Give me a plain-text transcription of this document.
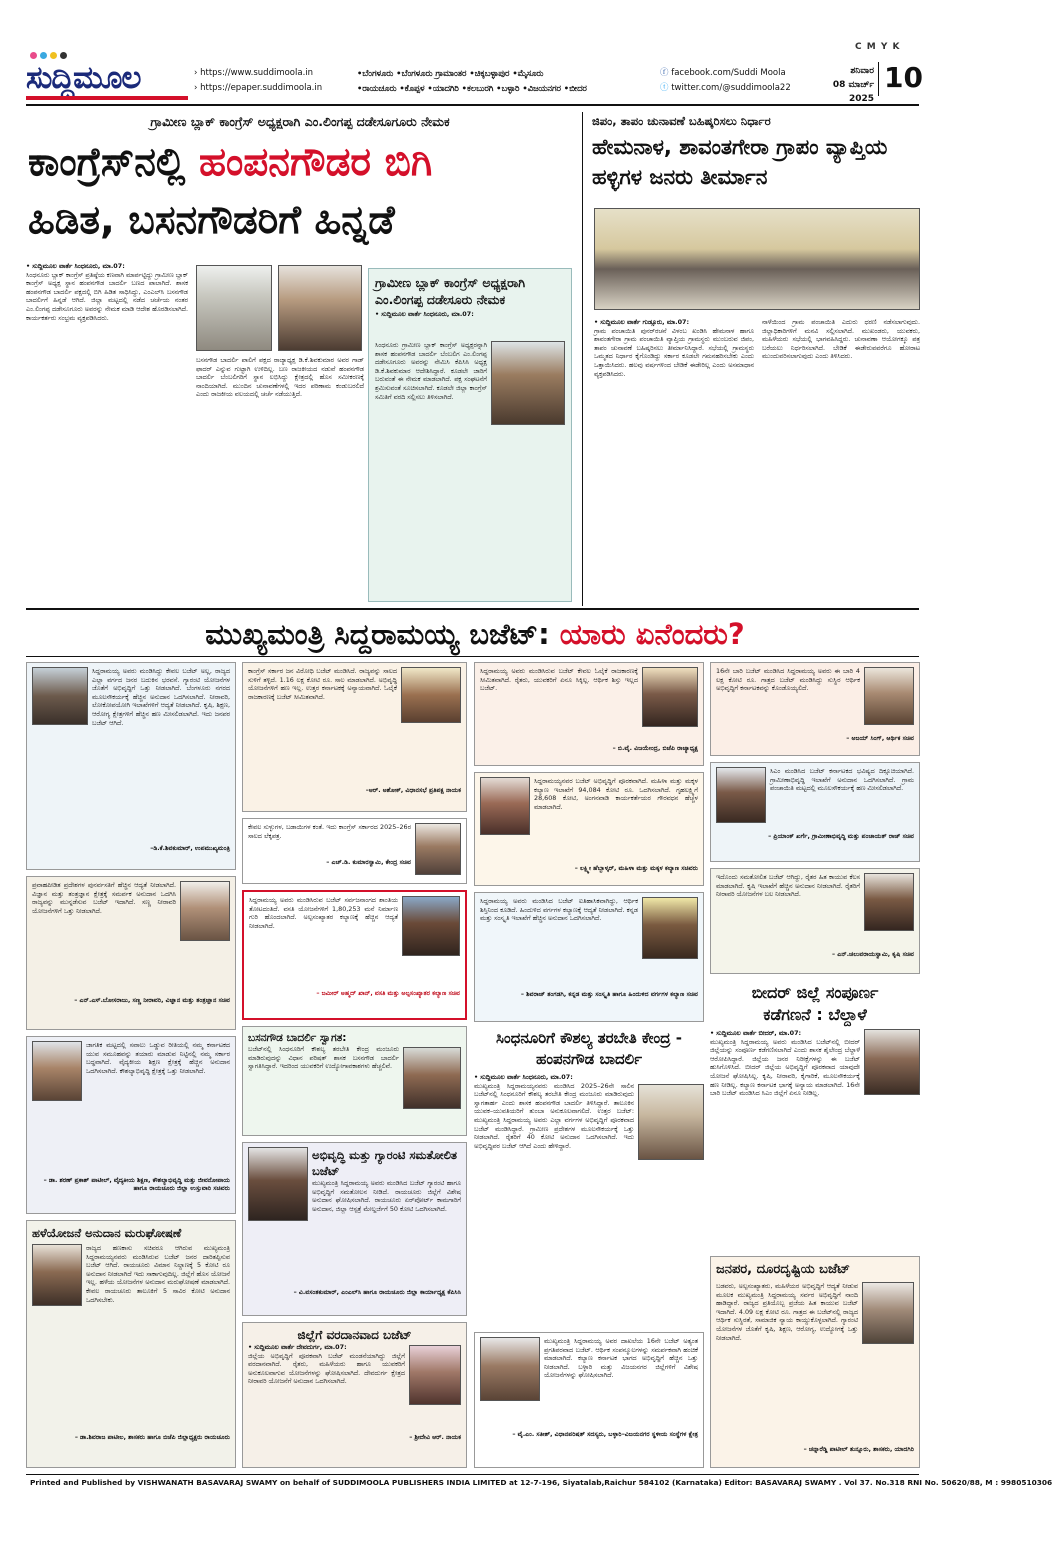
C M Y K
ಸುದ್ದಿಮೂಲ	› https://www.suddimoola.in
› https://epaper.suddimoola.in
•ಬೆಂಗಳೂರು •ಬೆಂಗಳೂರು ಗ್ರಾಮಾಂತರ •ಚಿಕ್ಕಬಳ್ಳಾಪುರ •ಮೈಸೂರು
•ರಾಯಚೂರು •ಕೊಪ್ಪಳ •ಯಾದಗಿರಿ •ಕಲಬುರಗಿ •ಬಳ್ಳಾರಿ •ವಿಜಯನಗರ •ಬೀದರ
ⓕ facebook.com/Suddi Moola
ⓣ twitter.com/@suddimoola22
ಶನಿವಾರ
08 ಮಾರ್ಚ್ 2025
10
ಗ್ರಾಮೀಣ ಬ್ಲಾಕ್ ಕಾಂಗ್ರೆಸ್ ಅಧ್ಯಕ್ಷರಾಗಿ ಎಂ.ಲಿಂಗಪ್ಪ ದಡೇಸೂಗೂರು ನೇಮಕ
ಕಾಂಗ್ರೆಸ್‌ನಲ್ಲಿ ಹಂಪನಗೌಡರ ಬಿಗಿ
ಹಿಡಿತ, ಬಸನಗೌಡರಿಗೆ ಹಿನ್ನಡೆ
• ಸುದ್ದಿಮೂಲ ವಾರ್ತೆ ಸಿಂಧನೂರು, ಮಾ.07:
ಸಿಂಧನೂರು ಬ್ಲಾಕ್ ಕಾಂಗ್ರೆಸ್ ಪ್ರತಿಷ್ಠೆಯ ಕಣವಾಗಿ ಮಾರ್ಪಟ್ಟಿದ್ದು ಗ್ರಾಮೀಣ ಬ್ಲಾಕ್ ಕಾಂಗ್ರೆಸ್ ಅಧ್ಯಕ್ಷ ಸ್ಥಾನ ಹಂಪನಗೌಡ ಬಾದರ್ಲಿ ಬಣದ ಪಾಲಾಗಿದೆ. ಶಾಸಕ ಹಂಪನಗೌಡ ಬಾದರ್ಲಿ ಪಕ್ಷದಲ್ಲಿ ಬಿಗಿ ಹಿಡಿತ ಸಾಧಿಸಿದ್ದು, ಎಂಎಲ್‌ಸಿ ಬಸನಗೌಡ ಬಾದರ್ಲಿಗೆ ಹಿನ್ನಡೆ ಆಗಿದೆ. ಜಿಲ್ಲಾ ಮಟ್ಟದಲ್ಲಿ ನಡೆದ ಚರ್ಚೆಯ ನಂತರ ಎಂ.ಲಿಂಗಪ್ಪ ದಡೇಸೂಗೂರು ಅವರನ್ನು ನೇಮಕ ಮಾಡಿ ಆದೇಶ ಹೊರಡಿಸಲಾಗಿದೆ. ಕಾರ್ಯಕರ್ತರು ಸಂಭ್ರಮ ವ್ಯಕ್ತಪಡಿಸಿದರು.
ಬಸನಗೌಡ ಬಾದರ್ಲಿ ಪಾಲಿಗೆ ಪಕ್ಷದ ರಾಜ್ಯಾಧ್ಯಕ್ಷ ಡಿ.ಕೆ.ಶಿವಕುಮಾರ ಅವರ ಗಾಡ್ ಫಾದರ್ ಎನ್ನುವ ಗುಟ್ಟಾಗಿ ಉಳಿದಿಲ್ಲ. ಬಣ ರಾಜಕೀಯದ ನಡುವೆ ಹಂಪನಗೌಡ ಬಾದರ್ಲಿ ಬೆಂಬಲಿಗರಿಗೆ ಸ್ಥಾನ ಲಭಿಸಿದ್ದು ಕ್ಷೇತ್ರದಲ್ಲಿ ಹೊಸ ಸಮೀಕರಣಕ್ಕೆ ನಾಂದಿಯಾಗಿದೆ. ಮುಂದಿನ ಚುನಾವಣೆಗಳಲ್ಲಿ ಇದರ ಪರಿಣಾಮ ಕಂಡುಬರಲಿದೆ ಎಂದು ರಾಜಕೀಯ ವಲಯದಲ್ಲಿ ಚರ್ಚೆ ನಡೆಯುತ್ತಿದೆ.
ಗ್ರಾಮೀಣ ಬ್ಲಾಕ್ ಕಾಂಗ್ರೆಸ್ ಅಧ್ಯಕ್ಷರಾಗಿ ಎಂ.ಲಿಂಗಪ್ಪ ದಡೇಸೂರು ನೇಮಕ
• ಸುದ್ದಿಮೂಲ ವಾರ್ತೆ ಸಿಂಧನೂರು, ಮಾ.07:
ಸಿಂಧನೂರು ಗ್ರಾಮೀಣ ಬ್ಲಾಕ್ ಕಾಂಗ್ರೆಸ್ ಅಧ್ಯಕ್ಷರನ್ನಾಗಿ ಶಾಸಕ ಹಂಪನಗೌಡ ಬಾದರ್ಲಿ ಬೆಂಬಲಿಗ ಎಂ.ಲಿಂಗಪ್ಪ ದಡೇಸೂಗೂರು ಅವರನ್ನು ನೇಮಿಸಿ ಕೆಪಿಸಿಸಿ ಅಧ್ಯಕ್ಷ ಡಿ.ಕೆ.ಶಿವಕುಮಾರ ಆದೇಶಿಸಿದ್ದಾರೆ. ಕೂಡಲೇ ಜಾರಿಗೆ ಬರುವಂತೆ ಈ ನೇಮಕ ಮಾಡಲಾಗಿದೆ. ಪಕ್ಷ ಸಂಘಟನೆಗೆ ಶ್ರಮಿಸುವಂತೆ ಸೂಚಿಸಲಾಗಿದೆ. ಕೂಡಲೇ ಜಿಲ್ಲಾ ಕಾಂಗ್ರೆಸ್ ಸಮಿತಿಗೆ ವರದಿ ಸಲ್ಲಿಸಲು ತಿಳಿಸಲಾಗಿದೆ.
ಜಿಪಂ, ತಾಪಂ ಚುನಾವಣೆ ಬಹಿಷ್ಕರಿಸಲು ನಿರ್ಧಾರ
ಹೇಮನಾಳ, ಶಾವಂತಗೇರಾ ಗ್ರಾಪಂ ವ್ಯಾಪ್ತಿಯ ಹಳ್ಳಿಗಳ ಜನರು ತೀರ್ಮಾನ
• ಸುದ್ದಿಮೂಲ ವಾರ್ತೆ ಗುಡ್ಸೂರು, ಮಾ.07:
ಗ್ರಾಮ ಪಂಚಾಯಿತಿ ಪುನರ್‌ರಚನೆ ವಿಳಂಬ ಖಂಡಿಸಿ ಹೇಮನಾಳ ಹಾಗೂ ಶಾವಂತಗೇರಾ ಗ್ರಾಮ ಪಂಚಾಯಿತಿ ವ್ಯಾಪ್ತಿಯ ಗ್ರಾಮಸ್ಥರು ಮುಂಬರುವ ಜಿಪಂ, ತಾಪಂ ಚುನಾವಣೆ ಬಹಿಷ್ಕರಿಸಲು ತೀರ್ಮಾನಿಸಿದ್ದಾರೆ. ಸಭೆಯಲ್ಲಿ ಗ್ರಾಮಸ್ಥರು ಒಮ್ಮತದ ನಿರ್ಧಾರ ಕೈಗೊಂಡಿದ್ದು ಸರ್ಕಾರ ಕೂಡಲೇ ಗಮನಹರಿಸಬೇಕು ಎಂದು ಒತ್ತಾಯಿಸಿದರು. ಹಲವು ವರ್ಷಗಳಿಂದ ಬೇಡಿಕೆ ಈಡೇರಿಲ್ಲ ಎಂದು ಅಸಮಾಧಾನ ವ್ಯಕ್ತಪಡಿಸಿದರು.
ನಾಳೆಯಿಂದ ಗ್ರಾಮ ಪಂಚಾಯಿತಿ ಎದುರು ಧರಣಿ ನಡೆಸಲಾಗುವುದು. ಜಿಲ್ಲಾಧಿಕಾರಿಗಳಿಗೆ ಮನವಿ ಸಲ್ಲಿಸಲಾಗಿದೆ. ಮುಖಂಡರು, ಯುವಕರು, ಮಹಿಳೆಯರು ಸಭೆಯಲ್ಲಿ ಭಾಗವಹಿಸಿದ್ದರು. ಚುನಾವಣಾ ಆಯೋಗಕ್ಕೂ ಪತ್ರ ಬರೆಯಲು ನಿರ್ಧರಿಸಲಾಗಿದೆ. ಬೇಡಿಕೆ ಈಡೇರುವವರೆಗೂ ಹೋರಾಟ ಮುಂದುವರಿಸಲಾಗುವುದು ಎಂದು ತಿಳಿಸಿದರು.
ಮುಖ್ಯಮಂತ್ರಿ ಸಿದ್ದರಾಮಯ್ಯ ಬಜೆಟ್: ಯಾರು ಏನೆಂದರು?
ಸಿದ್ದರಾಮಯ್ಯ ಅವರು ಮಂಡಿಸಿದ್ದು ಕೇವಲ ಬಜೆಟ್ ಅಲ್ಲ, ರಾಜ್ಯದ ಎಲ್ಲಾ ವರ್ಗದ ಜನರ ಬದುಕಿನ ಭರವಸೆ. ಗ್ಯಾರಂಟಿ ಯೋಜನೆಗಳ ಜೊತೆಗೆ ಅಭಿವೃದ್ಧಿಗೆ ಒತ್ತು ನೀಡಲಾಗಿದೆ. ಬೆಂಗಳೂರು ನಗರದ ಮೂಲಸೌಕರ್ಯಕ್ಕೆ ಹೆಚ್ಚಿನ ಅನುದಾನ ಒದಗಿಸಲಾಗಿದೆ. ನೀರಾವರಿ, ಲೋಕೋಪಯೋಗಿ ಇಲಾಖೆಗಳಿಗೆ ಆದ್ಯತೆ ನೀಡಲಾಗಿದೆ. ಕೃಷಿ, ಶಿಕ್ಷಣ, ಆರೋಗ್ಯ ಕ್ಷೇತ್ರಗಳಿಗೆ ಹೆಚ್ಚಿನ ಹಣ ಮೀಸಲಿಡಲಾಗಿದೆ. ಇದು ಜನಪರ ಬಜೆಟ್ ಆಗಿದೆ.
–ಡಿ.ಕೆ.ಶಿವಕುಮಾರ್, ಉಪಮುಖ್ಯಮಂತ್ರಿ
ಪ್ರವಾಹಪೀಡಿತ ಪ್ರದೇಶಗಳ ಪುನರ್ವಸತಿಗೆ ಹೆಚ್ಚಿನ ಆದ್ಯತೆ ನೀಡಲಾಗಿದೆ. ವಿಜ್ಞಾನ ಮತ್ತು ತಂತ್ರಜ್ಞಾನ ಕ್ಷೇತ್ರಕ್ಕೆ ಸಮರ್ಪಕ ಅನುದಾನ ಒದಗಿಸಿ ರಾಜ್ಯವನ್ನು ಮುನ್ನಡೆಸುವ ಬಜೆಟ್ ಇದಾಗಿದೆ. ಸಣ್ಣ ನೀರಾವರಿ ಯೋಜನೆಗಳಿಗೆ ಒತ್ತು ನೀಡಲಾಗಿದೆ.
– ಎನ್.ಎಸ್.ಬೋಸರಾಜು, ಸಣ್ಣ ನೀರಾವರಿ, ವಿಜ್ಞಾನ ಮತ್ತು ತಂತ್ರಜ್ಞಾನ ಸಚಿವ
ಜಾಗತಿಕ ಮಟ್ಟದಲ್ಲಿ ಸವಾಲು ಒಡ್ಡುವ ರೀತಿಯಲ್ಲಿ ನಮ್ಮ ಕರ್ನಾಟಕದ ಯುವ ಸಮೂಹವನ್ನು ತಯಾರು ಮಾಡುವ ನಿಟ್ಟಿನಲ್ಲಿ ನಮ್ಮ ಸರ್ಕಾರ ಬದ್ಧವಾಗಿದೆ. ವೈದ್ಯಕೀಯ ಶಿಕ್ಷಣ ಕ್ಷೇತ್ರಕ್ಕೆ ಹೆಚ್ಚಿನ ಅನುದಾನ ಒದಗಿಸಲಾಗಿದೆ. ಕೌಶಲ್ಯಾಭಿವೃದ್ಧಿ ಕ್ಷೇತ್ರಕ್ಕೆ ಒತ್ತು ನೀಡಲಾಗಿದೆ.
– ಡಾ. ಶರಣ್ ಪ್ರಕಾಶ್ ಪಾಟೀಲ್, ವೈದ್ಯಕೀಯ ಶಿಕ್ಷಣ, ಕೌಶಲ್ಯಾಭಿವೃದ್ಧಿ ಮತ್ತು ಜೀವನೋಪಾಯ ಹಾಗೂ ರಾಯಚೂರು ಜಿಲ್ಲಾ ಉಸ್ತುವಾರಿ ಸಚಿವರು
ಹಳೆಯೋಜನೆ ಅನುದಾನ ಮರುಘೋಷಣೆ
ರಾಜ್ಯದ ಹಣಕಾಸು ಸಚಿವರೂ ಆಗಿರುವ ಮುಖ್ಯಮಂತ್ರಿ ಸಿದ್ದರಾಮಯ್ಯನವರು ಮಂಡಿಸಿರುವ ಬಜೆಟ್ ಜನರ ದಾರಿತಪ್ಪಿಸುವ ಬಜೆಟ್ ಆಗಿದೆ. ರಾಯಚೂರು ವಿಮಾನ ನಿಲ್ದಾಣಕ್ಕೆ 5 ಕೋಟಿ ರೂ ಅನುದಾನ ನೀಡಲಾಗಿದೆ ಇದು ಸಾಕಾಗುವುದಿಲ್ಲ. ಜಿಲ್ಲೆಗೆ ಹೊಸ ಯೋಜನೆ ಇಲ್ಲ. ಹಳೆಯ ಯೋಜನೆಗಳ ಅನುದಾನ ಮರುಘೋಷಣೆ ಮಾಡಲಾಗಿದೆ. ಕೇವಲ ರಾಯಚೂರು ತಾಲೂಕಿಗೆ 5 ಸಾವಿರ ಕೋಟಿ ಅನುದಾನ ಒದಗಿಸಬೇಕು.
– ಡಾ.ಶಿವರಾಜ ಪಾಟೀಲ, ಶಾಸಕರು ಹಾಗೂ ಬಿಜೆಪಿ ಜಿಲ್ಲಾಧ್ಯಕ್ಷರು ರಾಯಚೂರು
ಕಾಂಗ್ರೆಸ್ ಸರ್ಕಾರ ಜನ ವಿರೋಧಿ ಬಜೆಟ್ ಮಂಡಿಸಿದೆ. ರಾಜ್ಯವನ್ನು ಸಾಲದ ಸುಳಿಗೆ ತಳ್ಳಿದೆ. 1.16 ಲಕ್ಷ ಕೋಟಿ ರೂ. ಸಾಲ ಮಾಡಲಾಗಿದೆ. ಅಭಿವೃದ್ಧಿ ಯೋಜನೆಗಳಿಗೆ ಹಣ ಇಲ್ಲ. ಉತ್ತರ ಕರ್ನಾಟಕಕ್ಕೆ ಅನ್ಯಾಯವಾಗಿದೆ. ಓಲೈಕೆ ರಾಜಕಾರಣಕ್ಕೆ ಬಜೆಟ್ ಸೀಮಿತವಾಗಿದೆ.
–ಆರ್. ಅಶೋಕ್, ವಿಧಾನಸಭೆ ಪ್ರತಿಪಕ್ಷ ನಾಯಕ
ಕೇವಲ ಸುಳ್ಳುಗಳ, ಬಡಾಯಿಗಳ ಕಂತೆ. ಇದು ಕಾಂಗ್ರೆಸ್ ಸರ್ಕಾರದ 2025–26ರ ಸಾಲದ ಲೆಕ್ಕಪತ್ರ.
– ಎಚ್.ಡಿ. ಕುಮಾರಸ್ವಾಮಿ, ಕೇಂದ್ರ ಸಚಿವ
ಸಿದ್ದರಾಮಯ್ಯ ಅವರು ಮಂಡಿಸಿರುವ ಬಜೆಟ್ ಸರ್ವಜನಾಂಗದ ಶಾಂತಿಯ ತೋಟದಂತಿದೆ. ವಸತಿ ಯೋಜನೆಗಳಿಗೆ 1,80,253 ಮನೆ ನಿರ್ಮಾಣ ಗುರಿ ಹೊಂದಲಾಗಿದೆ. ಅಲ್ಪಸಂಖ್ಯಾತರ ಕಲ್ಯಾಣಕ್ಕೆ ಹೆಚ್ಚಿನ ಆದ್ಯತೆ ನೀಡಲಾಗಿದೆ.
– ಜಮೀರ್ ಅಹ್ಮದ್ ಖಾನ್, ವಸತಿ ಮತ್ತು ಅಲ್ಪಸಂಖ್ಯಾತರ ಕಲ್ಯಾಣ ಸಚಿವ
ಬಸನಗೌಡ ಬಾದರ್ಲಿ ಸ್ವಾಗತ:
ಬಜೆಟ್‌ನಲ್ಲಿ ಸಿಂಧನೂರಿಗೆ ಕೌಶಲ್ಯ ತರಬೇತಿ ಕೇಂದ್ರ ಮಂಜೂರು ಮಾಡಿರುವುದನ್ನು ವಿಧಾನ ಪರಿಷತ್ ಶಾಸಕ ಬಸನಗೌಡ ಬಾದರ್ಲಿ ಸ್ವಾಗತಿಸಿದ್ದಾರೆ. ಇದರಿಂದ ಯುವಕರಿಗೆ ಉದ್ಯೋಗಾವಕಾಶಗಳು ಹೆಚ್ಚಲಿವೆ.
ಅಭಿವೃದ್ಧಿ ಮತ್ತು ಗ್ಯಾರಂಟಿ ಸಮತೋಲಿತ ಬಜೆಟ್
ಮುಖ್ಯಮಂತ್ರಿ ಸಿದ್ದರಾಮಯ್ಯ ಅವರು ಮಂಡಿಸಿದ ಬಜೆಟ್ ಗ್ಯಾರಂಟಿ ಹಾಗೂ ಅಭಿವೃದ್ಧಿಗೆ ಸಮತೋಲನ ನೀಡಿದೆ. ರಾಯಚೂರು ಜಿಲ್ಲೆಗೆ ವಿಶೇಷ ಅನುದಾನ ಘೋಷಿಸಲಾಗಿದೆ. ರಾಯಚೂರು ಏರ್‌ಪೋರ್ಟ್ ಕಾಮಗಾರಿಗೆ ಅನುದಾನ, ಜಿಲ್ಲಾ ಆಸ್ಪತ್ರೆ ಮೇಲ್ದರ್ಜೆಗೆ 50 ಕೋಟಿ ಒದಗಿಸಲಾಗಿದೆ.
– ವಿ.ವಸಂತಕುಮಾರ್, ಎಂಎಲ್‌ಸಿ ಹಾಗೂ ರಾಯಚೂರು ಜಿಲ್ಲಾ ಕಾರ್ಯಾಧ್ಯಕ್ಷ ಕೆಪಿಸಿಸಿ
ಜಿಲ್ಲೆಗೆ ವರದಾನವಾದ ಬಜೆಟ್
• ಸುದ್ದಿಮೂಲ ವಾರ್ತೆ ದೇವದುರ್ಗ, ಮಾ.07:
ಜಿಲ್ಲೆಯ ಅಭಿವೃದ್ಧಿಗೆ ಪೂರಕವಾಗಿ ಬಜೆಟ್ ಮಂಡನೆಯಾಗಿದ್ದು ಜಿಲ್ಲೆಗೆ ವರದಾನವಾಗಿದೆ. ರೈತರು, ಮಹಿಳೆಯರು ಹಾಗೂ ಯುವಕರಿಗೆ ಅನುಕೂಲವಾಗುವ ಯೋಜನೆಗಳನ್ನು ಘೋಷಿಸಲಾಗಿದೆ. ದೇವದುರ್ಗ ಕ್ಷೇತ್ರದ ನೀರಾವರಿ ಯೋಜನೆಗೆ ಅನುದಾನ ಒದಗಿಸಲಾಗಿದೆ.
– ಶ್ರೀದೇವಿ ಆರ್. ನಾಯಕ
ಸಿದ್ದರಾಮಯ್ಯ ಅವರು ಮಂಡಿಸಿರುವ ಬಜೆಟ್ ಕೇವಲ ಓಲೈಕೆ ರಾಜಕಾರಣಕ್ಕೆ ಸೀಮಿತವಾಗಿದೆ. ರೈತರು, ಯುವಕರಿಗೆ ಏನೂ ಸಿಕ್ಕಿಲ್ಲ. ಆರ್ಥಿಕ ಶಿಸ್ತು ಇಲ್ಲದ ಬಜೆಟ್.
– ಬಿ.ವೈ. ವಿಜಯೇಂದ್ರ, ಬಿಜೆಪಿ ರಾಜ್ಯಾಧ್ಯಕ್ಷ
ಸಿದ್ದರಾಮಯ್ಯನವರ ಬಜೆಟ್ ಅಭಿವೃದ್ಧಿಗೆ ಪೂರಕವಾಗಿದೆ. ಮಹಿಳಾ ಮತ್ತು ಮಕ್ಕಳ ಕಲ್ಯಾಣ ಇಲಾಖೆಗೆ 94,084 ಕೋಟಿ ರೂ. ಒದಗಿಸಲಾಗಿದೆ. ಗೃಹಲಕ್ಷ್ಮಿಗೆ 28,608 ಕೋಟಿ, ಅಂಗನವಾಡಿ ಕಾರ್ಯಕರ್ತೆಯರ ಗೌರವಧನ ಹೆಚ್ಚಳ ಮಾಡಲಾಗಿದೆ.
– ಲಕ್ಷ್ಮೀ ಹೆಬ್ಬಾಳ್ಕರ್, ಮಹಿಳಾ ಮತ್ತು ಮಕ್ಕಳ ಕಲ್ಯಾಣ ಸಚಿವರು
ಸಿದ್ದರಾಮಯ್ಯ ಅವರು ಮಂಡಿಸಿದ ಬಜೆಟ್ ಐತಿಹಾಸಿಕವಾಗಿದ್ದು, ಆರ್ಥಿಕ ಶಿಸ್ತಿನಿಂದ ಕೂಡಿದೆ. ಹಿಂದುಳಿದ ವರ್ಗಗಳ ಕಲ್ಯಾಣಕ್ಕೆ ಆದ್ಯತೆ ನೀಡಲಾಗಿದೆ. ಕನ್ನಡ ಮತ್ತು ಸಂಸ್ಕೃತಿ ಇಲಾಖೆಗೆ ಹೆಚ್ಚಿನ ಅನುದಾನ ಒದಗಿಸಲಾಗಿದೆ.
– ಶಿವರಾಜ್ ತಂಗಡಗಿ, ಕನ್ನಡ ಮತ್ತು ಸಂಸ್ಕೃತಿ ಹಾಗೂ ಹಿಂದುಳಿದ ವರ್ಗಗಳ ಕಲ್ಯಾಣ ಸಚಿವ
ಸಿಂಧನೂರಿಗೆ ಕೌಶಲ್ಯ ತರಬೇತಿ ಕೇಂದ್ರ - ಹಂಪನಗೌಡ ಬಾದರ್ಲಿ
• ಸುದ್ದಿಮೂಲ ವಾರ್ತೆ ಸಿಂಧನೂರು, ಮಾ.07:
ಮುಖ್ಯಮಂತ್ರಿ ಸಿದ್ದರಾಮಯ್ಯನವರು ಮಂಡಿಸಿದ 2025–26ನೇ ಸಾಲಿನ ಬಜೆಟ್‌ನಲ್ಲಿ ಸಿಂಧನೂರಿಗೆ ಕೌಶಲ್ಯ ತರಬೇತಿ ಕೇಂದ್ರ ಮಂಜೂರು ಮಾಡಿರುವುದು ಸ್ವಾಗತಾರ್ಹ ಎಂದು ಶಾಸಕ ಹಂಪನಗೌಡ ಬಾದರ್ಲಿ ತಿಳಿಸಿದ್ದಾರೆ. ತಾಲೂಕಿನ ಯುವಕ–ಯುವತಿಯರಿಗೆ ತುಂಬಾ ಅನುಕೂಲವಾಗಲಿದೆ. ಉತ್ತರ ಬಜೆಟ್: ಮುಖ್ಯಮಂತ್ರಿ ಸಿದ್ದರಾಮಯ್ಯ ಅವರು ಎಲ್ಲಾ ವರ್ಗಗಳ ಅಭಿವೃದ್ಧಿಗೆ ಪೂರಕವಾದ ಬಜೆಟ್ ಮಂಡಿಸಿದ್ದಾರೆ. ಗ್ರಾಮೀಣ ಪ್ರದೇಶಗಳ ಮೂಲಸೌಕರ್ಯಕ್ಕೆ ಒತ್ತು ನೀಡಲಾಗಿದೆ. ರೈತರಿಗೆ 40 ಕೋಟಿ ಅನುದಾನ ಒದಗಿಸಲಾಗಿದೆ. ಇದು ಅಭಿವೃದ್ಧಿಪರ ಬಜೆಟ್ ಆಗಿದೆ ಎಂದು ಹೇಳಿದ್ದಾರೆ.
ಮುಖ್ಯಮಂತ್ರಿ ಸಿದ್ದರಾಮಯ್ಯ ಅವರ ದಾಖಲೆಯ 16ನೇ ಬಜೆಟ್ ಅತ್ಯಂತ ಪ್ರಗತಿಪರವಾದ ಬಜೆಟ್. ಆರ್ಥಿಕ ಸಂಪನ್ಮೂಲಗಳನ್ನು ಸಮರ್ಪಕವಾಗಿ ಹಂಚಿಕೆ ಮಾಡಲಾಗಿದೆ. ಕಲ್ಯಾಣ ಕರ್ನಾಟಕ ಭಾಗದ ಅಭಿವೃದ್ಧಿಗೆ ಹೆಚ್ಚಿನ ಒತ್ತು ನೀಡಲಾಗಿದೆ. ಬಳ್ಳಾರಿ ಮತ್ತು ವಿಜಯನಗರ ಜಿಲ್ಲೆಗಳಿಗೆ ವಿಶೇಷ ಯೋಜನೆಗಳನ್ನು ಘೋಷಿಸಲಾಗಿದೆ.
– ವೈ.ಎಂ. ಸತೀಶ್, ವಿಧಾನಪರಿಷತ್ ಸದಸ್ಯರು, ಬಳ್ಳಾರಿ–ವಿಜಯನಗರ ಸ್ಥಳೀಯ ಸಂಸ್ಥೆಗಳ ಕ್ಷೇತ್ರ
16ನೇ ಬಾರಿ ಬಜೆಟ್ ಮಂಡಿಸಿದ ಸಿದ್ದರಾಮಯ್ಯ ಅವರು ಈ ಬಾರಿ 4 ಲಕ್ಷ ಕೋಟಿ ರೂ. ಗಾತ್ರದ ಬಜೆಟ್ ಮಂಡಿಸಿದ್ದು ಸುಸ್ಥಿರ ಆರ್ಥಿಕ ಅಭಿವೃದ್ಧಿಗೆ ಕರ್ನಾಟಕವನ್ನು ಕೊಂಡೊಯ್ಯಲಿದೆ.
– ಅಜಯ್ ಸಿಂಗ್, ಆರ್ಥಿಕ ಸಚಿವ
ಸಿಎಂ ಮಂಡಿಸಿದ ಬಜೆಟ್ ಕರ್ನಾಟಕದ ಭವಿಷ್ಯದ ದಿಕ್ಸೂಚಿಯಾಗಿದೆ. ಗ್ರಾಮೀಣಾಭಿವೃದ್ಧಿ ಇಲಾಖೆಗೆ ಅನುದಾನ ಒದಗಿಸಲಾಗಿದೆ. ಗ್ರಾಮ ಪಂಚಾಯಿತಿ ಮಟ್ಟದಲ್ಲಿ ಮೂಲಸೌಕರ್ಯಕ್ಕೆ ಹಣ ಮೀಸಲಿಡಲಾಗಿದೆ.
– ಪ್ರಿಯಾಂಕ್ ಖರ್ಗೆ, ಗ್ರಾಮೀಣಾಭಿವೃದ್ಧಿ ಮತ್ತು ಪಂಚಾಯತ್ ರಾಜ್ ಸಚಿವ
ಇದೊಂದು ಸಮತೋಲಿತ ಬಜೆಟ್ ಆಗಿದ್ದು, ರೈತರ ಹಿತ ಕಾಯುವ ಕೆಲಸ ಮಾಡಲಾಗಿದೆ. ಕೃಷಿ ಇಲಾಖೆಗೆ ಹೆಚ್ಚಿನ ಅನುದಾನ ನೀಡಲಾಗಿದೆ. ರೈತರಿಗೆ ನೀರಾವರಿ ಯೋಜನೆಗಳ ಬಲ ನೀಡಲಾಗಿದೆ.
– ಎನ್.ಚಲುವರಾಯಸ್ವಾಮಿ, ಕೃಷಿ ಸಚಿವ
ಬೀದರ್ ಜಿಲ್ಲೆ ಸಂಪೂರ್ಣ
ಕಡೆಗಣನೆ : ಬೆಲ್ದಾಳೆ
• ಸುದ್ದಿಮೂಲ ವಾರ್ತೆ ಬೀದರ್, ಮಾ.07:
ಮುಖ್ಯಮಂತ್ರಿ ಸಿದ್ದರಾಮಯ್ಯ ಅವರು ಮಂಡಿಸಿದ ಬಜೆಟ್‌ನಲ್ಲಿ ಬೀದರ್ ಜಿಲ್ಲೆಯನ್ನು ಸಂಪೂರ್ಣ ಕಡೆಗಣಿಸಲಾಗಿದೆ ಎಂದು ಶಾಸಕ ಶೈಲೇಂದ್ರ ಬೆಲ್ದಾಳೆ ಆರೋಪಿಸಿದ್ದಾರೆ. ಜಿಲ್ಲೆಯ ಜನರ ನಿರೀಕ್ಷೆಗಳನ್ನು ಈ ಬಜೆಟ್ ಹುಸಿಗೊಳಿಸಿದೆ. ಬೀದರ್ ಜಿಲ್ಲೆಯ ಅಭಿವೃದ್ಧಿಗೆ ಪೂರಕವಾದ ಯಾವುದೇ ಯೋಜನೆ ಘೋಷಿಸಿಲ್ಲ. ಕೃಷಿ, ನೀರಾವರಿ, ಕೈಗಾರಿಕೆ, ಮೂಲಸೌಕರ್ಯಕ್ಕೆ ಹಣ ನೀಡಿಲ್ಲ. ಕಲ್ಯಾಣ ಕರ್ನಾಟಕ ಭಾಗಕ್ಕೆ ಅನ್ಯಾಯ ಮಾಡಲಾಗಿದೆ. 16ನೇ ಬಾರಿ ಬಜೆಟ್ ಮಂಡಿಸಿದ ಸಿಎಂ ಜಿಲ್ಲೆಗೆ ಏನೂ ನೀಡಿಲ್ಲ.
ಜನಪರ, ದೂರದೃಷ್ಟಿಯ ಬಜೆಟ್
ಬಡವರು, ಅಲ್ಪಸಂಖ್ಯಾತರು, ಮಹಿಳೆಯರ ಅಭಿವೃದ್ಧಿಗೆ ಆದ್ಯತೆ ನೀಡುವ ಮೂಲಕ ಮುಖ್ಯಮಂತ್ರಿ ಸಿದ್ದರಾಮಯ್ಯ ಸರ್ವರ ಅಭಿವೃದ್ಧಿಗೆ ನಾಂದಿ ಹಾಡಿದ್ದಾರೆ. ರಾಜ್ಯದ ಪ್ರತಿಯೊಬ್ಬ ಪ್ರಜೆಯ ಹಿತ ಕಾಯುವ ಬಜೆಟ್ ಇದಾಗಿದೆ. 4.09 ಲಕ್ಷ ಕೋಟಿ ರೂ. ಗಾತ್ರದ ಈ ಬಜೆಟ್‌ನಲ್ಲಿ ರಾಜ್ಯದ ಆರ್ಥಿಕ ಸುಸ್ಥಿರತೆ, ಸಾಮಾಜಿಕ ನ್ಯಾಯ ಕಾಯ್ದುಕೊಳ್ಳಲಾಗಿದೆ. ಗ್ಯಾರಂಟಿ ಯೋಜನೆಗಳ ಜೊತೆಗೆ ಕೃಷಿ, ಶಿಕ್ಷಣ, ಆರೋಗ್ಯ, ಉದ್ಯೋಗಕ್ಕೆ ಒತ್ತು ನೀಡಲಾಗಿದೆ.
– ಚನ್ನಾರೆಡ್ಡಿ ಪಾಟೀಲ್ ತುನ್ನೂರು, ಶಾಸಕರು, ಯಾದಗಿರಿ
Printed and Published by VISHWANATH BASAVARAJ SWAMY on behalf of SUDDIMOOLA PUBLISHERS INDIA LIMITED at 12-7-196, Siyatalab,Raichur 584102 (Karnataka) Editor: BASAVARAJ SWAMY . Vol 37. No.318 RNI No. 50620/88, M : 9980510306
